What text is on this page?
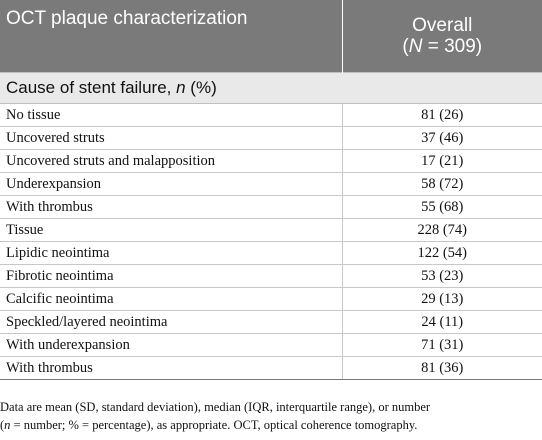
OCT plaque characterization	Overall
(N = 309)

Cause of stent failure, n (%)	
No tissue	81 (26)
Uncovered struts	37 (46)
Uncovered struts and malapposition	17 (21)
Underexpansion	58 (72)
With thrombus	55 (68)
Tissue	228 (74)
Lipidic neointima	122 (54)
Fibrotic neointima	53 (23)
Calcific neointima	29 (13)
Speckled/layered neointima	24 (11)
With underexpansion	71 (31)
With thrombus	81 (36)

Data are mean (SD, standard deviation), median (IQR, interquartile range), or number

(n = number; % = percentage), as appropriate. OCT, optical coherence tomography.
